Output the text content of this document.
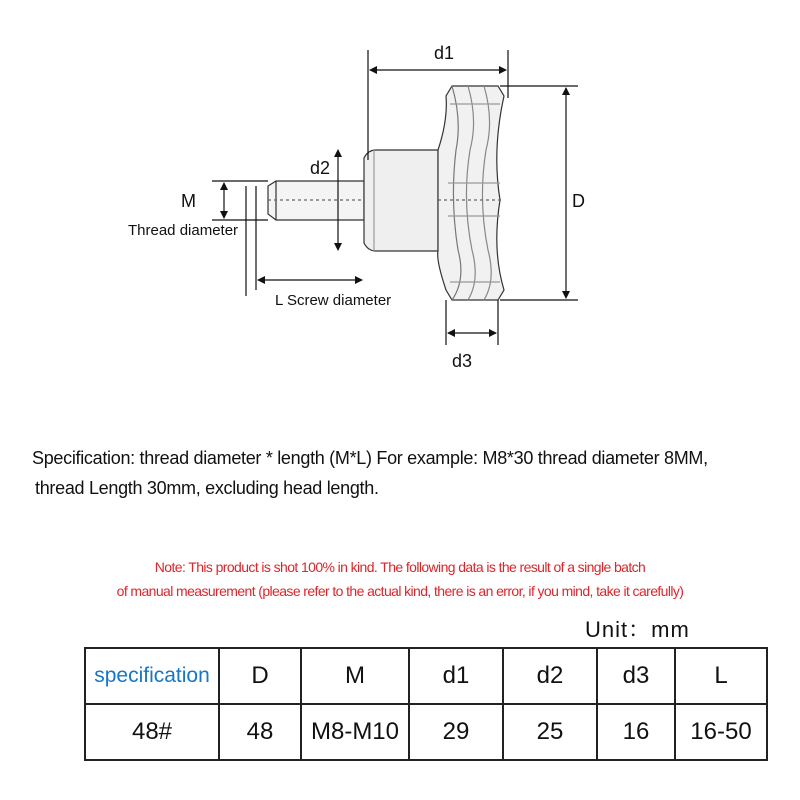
d1
D
d2
M
Thread diameter
L Screw diameter
d3
Specification: thread diameter * length (M*L) For example: M8*30 thread diameter 8MM,
thread Length 30mm, excluding head length.
Note: This product is shot 100% in kind. The following data is the result of a single batch
of manual measurement (please refer to the actual kind, there is an error, if you mind, take it carefully)
Unit：mm
specification	D	M	d1	d2	d3	L
48#	48	M8-M10	29	25	16	16-50
